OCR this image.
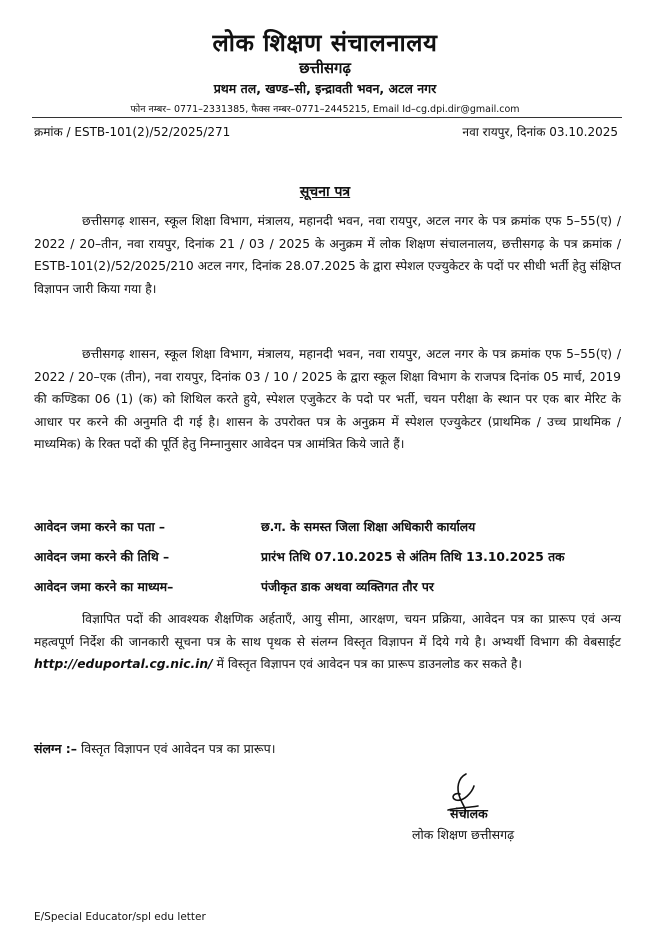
लोक शिक्षण संचालनालय
छत्तीसगढ़
प्रथम तल, खण्ड–सी, इन्द्रावती भवन, अटल नगर
फोन नम्बर– 0771–2331385, फैक्स नम्बर–0771–2445215, Email Id–cg.dpi.dir@gmail.com
क्रमांक / ESTB-101(2)/52/2025/271	नवा रायपुर, दिनांक 03.10.2025
सूचना पत्र
छत्तीसगढ़ शासन, स्कूल शिक्षा विभाग, मंत्रालय, महानदी भवन, नवा रायपुर, अटल नगर के पत्र क्रमांक एफ 5–55(ए) / 2022 / 20–तीन, नवा रायपुर, दिनांक 21 / 03 / 2025 के अनुक्रम में लोक शिक्षण संचालनालय, छत्तीसगढ़ के पत्र क्रमांक / ESTB-101(2)/52/2025/210 अटल नगर, दिनांक 28.07.2025 के द्वारा स्पेशल एज्युकेटर के पदों पर सीधी भर्ती हेतु संक्षिप्त विज्ञापन जारी किया गया है।
छत्तीसगढ़ शासन, स्कूल शिक्षा विभाग, मंत्रालय, महानदी भवन, नवा रायपुर, अटल नगर के पत्र क्रमांक एफ 5–55(ए) / 2022 / 20–एक (तीन), नवा रायपुर, दिनांक 03 / 10 / 2025 के द्वारा स्कूल शिक्षा विभाग के राजपत्र दिनांक 05 मार्च, 2019 की कण्डिका 06 (1) (क) को शिथिल करते हुये, स्पेशल एजुकेटर के पदो पर भर्ती, चयन परीक्षा के स्थान पर एक बार मेरिट के आधार पर करने की अनुमति दी गई है। शासन के उपरोक्त पत्र के अनुक्रम में स्पेशल एज्युकेटर (प्राथमिक / उच्च प्राथमिक / माध्यमिक) के रिक्त पदों की पूर्ति हेतु निम्नानुसार आवेदन पत्र आमंत्रित किये जाते हैं।
आवेदन जमा करने का पता –	छ.ग. के समस्त जिला शिक्षा अधिकारी कार्यालय
आवेदन जमा करने की तिथि –	प्रारंभ तिथि 07.10.2025 से अंतिम तिथि 13.10.2025 तक
आवेदन जमा करने का माध्यम–	पंजीकृत डाक अथवा व्यक्तिगत तौर पर
विज्ञापित पदों की आवश्यक शैक्षणिक अर्हताएँ, आयु सीमा, आरक्षण, चयन प्रक्रिया, आवेदन पत्र का प्रारूप एवं अन्य महत्वपूर्ण निर्देश की जानकारी सूचना पत्र के साथ पृथक से संलग्न विस्तृत विज्ञापन में दिये गये है। अभ्यर्थी विभाग की वेबसाईट http://eduportal.cg.nic.in/ में विस्तृत विज्ञापन एवं आवेदन पत्र का प्रारूप डाउनलोड कर सकते है।
संलग्न :– विस्तृत विज्ञापन एवं आवेदन पत्र का प्रारूप।
संचालक
लोक शिक्षण छत्तीसगढ़
E/Special Educator/spl edu letter
